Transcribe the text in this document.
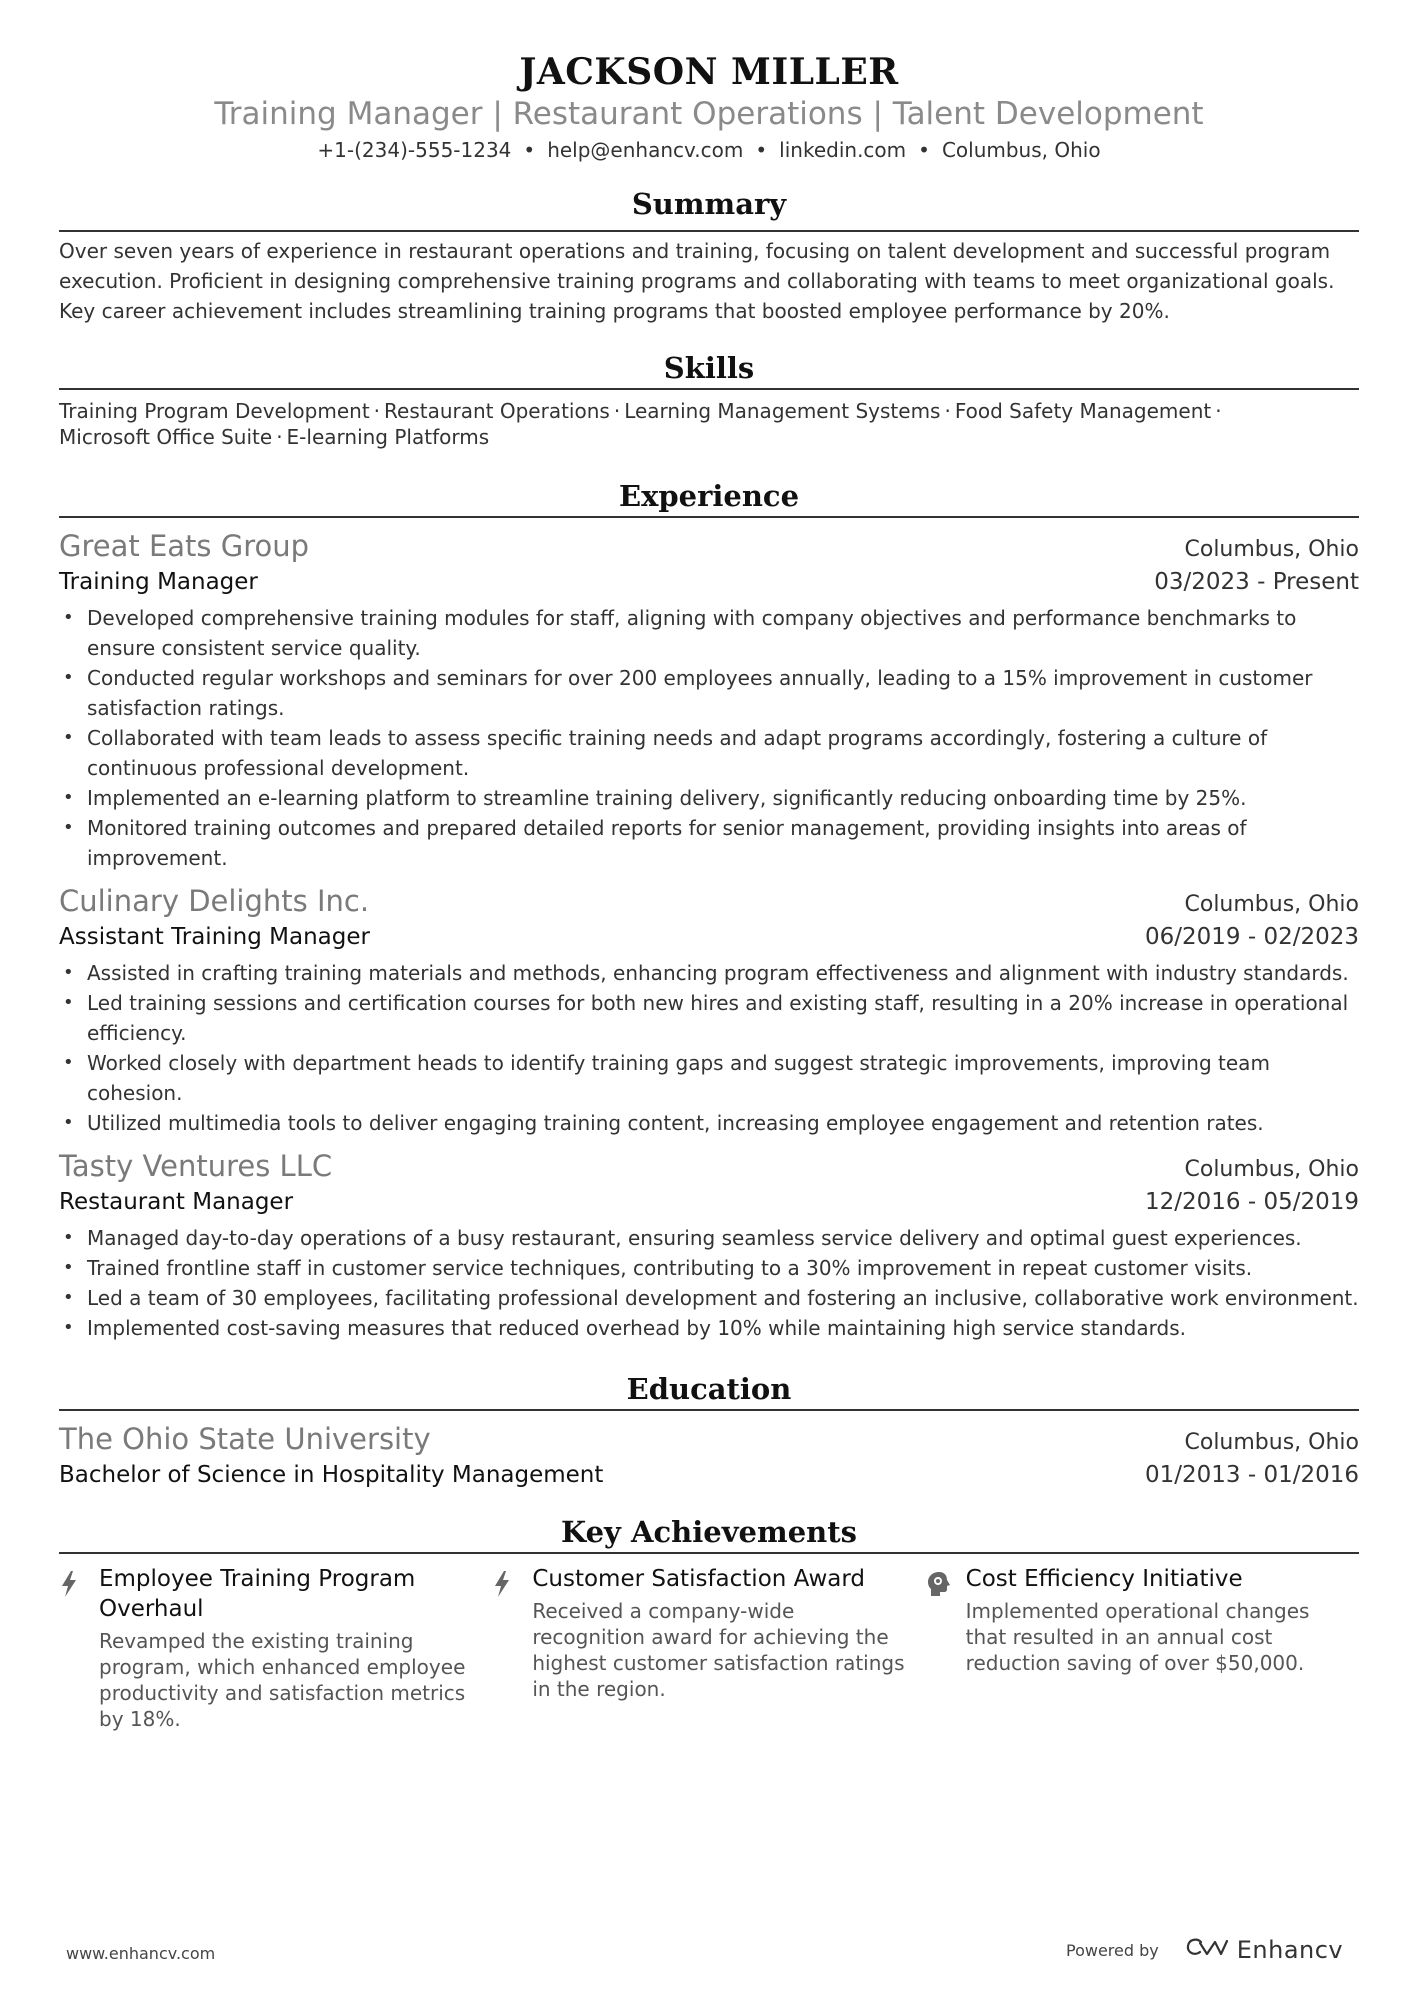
JACKSON MILLER
Training Manager | Restaurant Operations | Talent Development
+1-(234)-555-1234 • help@enhancv.com • linkedin.com • Columbus, Ohio
Summary
Over seven years of experience in restaurant operations and training, focusing on talent development and successful program execution. Proficient in designing comprehensive training programs and collaborating with teams to meet organizational goals. Key career achievement includes streamlining training programs that boosted employee performance by 20%.
Skills
Training Program Development · Restaurant Operations · Learning Management Systems · Food Safety Management · Microsoft Office Suite · E-learning Platforms
Experience
Great Eats Group	Columbus, Ohio
Training Manager	03/2023 - Present
• Developed comprehensive training modules for staff, aligning with company objectives and performance benchmarks to ensure consistent service quality.
• Conducted regular workshops and seminars for over 200 employees annually, leading to a 15% improvement in customer satisfaction ratings.
• Collaborated with team leads to assess specific training needs and adapt programs accordingly, fostering a culture of continuous professional development.
• Implemented an e-learning platform to streamline training delivery, significantly reducing onboarding time by 25%.
• Monitored training outcomes and prepared detailed reports for senior management, providing insights into areas of improvement.
Culinary Delights Inc.	Columbus, Ohio
Assistant Training Manager	06/2019 - 02/2023
• Assisted in crafting training materials and methods, enhancing program effectiveness and alignment with industry standards.
• Led training sessions and certification courses for both new hires and existing staff, resulting in a 20% increase in operational efficiency.
• Worked closely with department heads to identify training gaps and suggest strategic improvements, improving team cohesion.
• Utilized multimedia tools to deliver engaging training content, increasing employee engagement and retention rates.
Tasty Ventures LLC	Columbus, Ohio
Restaurant Manager	12/2016 - 05/2019
• Managed day-to-day operations of a busy restaurant, ensuring seamless service delivery and optimal guest experiences.
• Trained frontline staff in customer service techniques, contributing to a 30% improvement in repeat customer visits.
• Led a team of 30 employees, facilitating professional development and fostering an inclusive, collaborative work environment.
• Implemented cost-saving measures that reduced overhead by 10% while maintaining high service standards.
Education
The Ohio State University	Columbus, Ohio
Bachelor of Science in Hospitality Management	01/2013 - 01/2016
Key Achievements
Employee Training Program Overhaul
Revamped the existing training program, which enhanced employee productivity and satisfaction metrics by 18%.
Customer Satisfaction Award
Received a company-wide recognition award for achieving the highest customer satisfaction ratings in the region.
Cost Efficiency Initiative
Implemented operational changes that resulted in an annual cost reduction saving of over $50,000.
www.enhancv.com	Powered by	Enhancv
